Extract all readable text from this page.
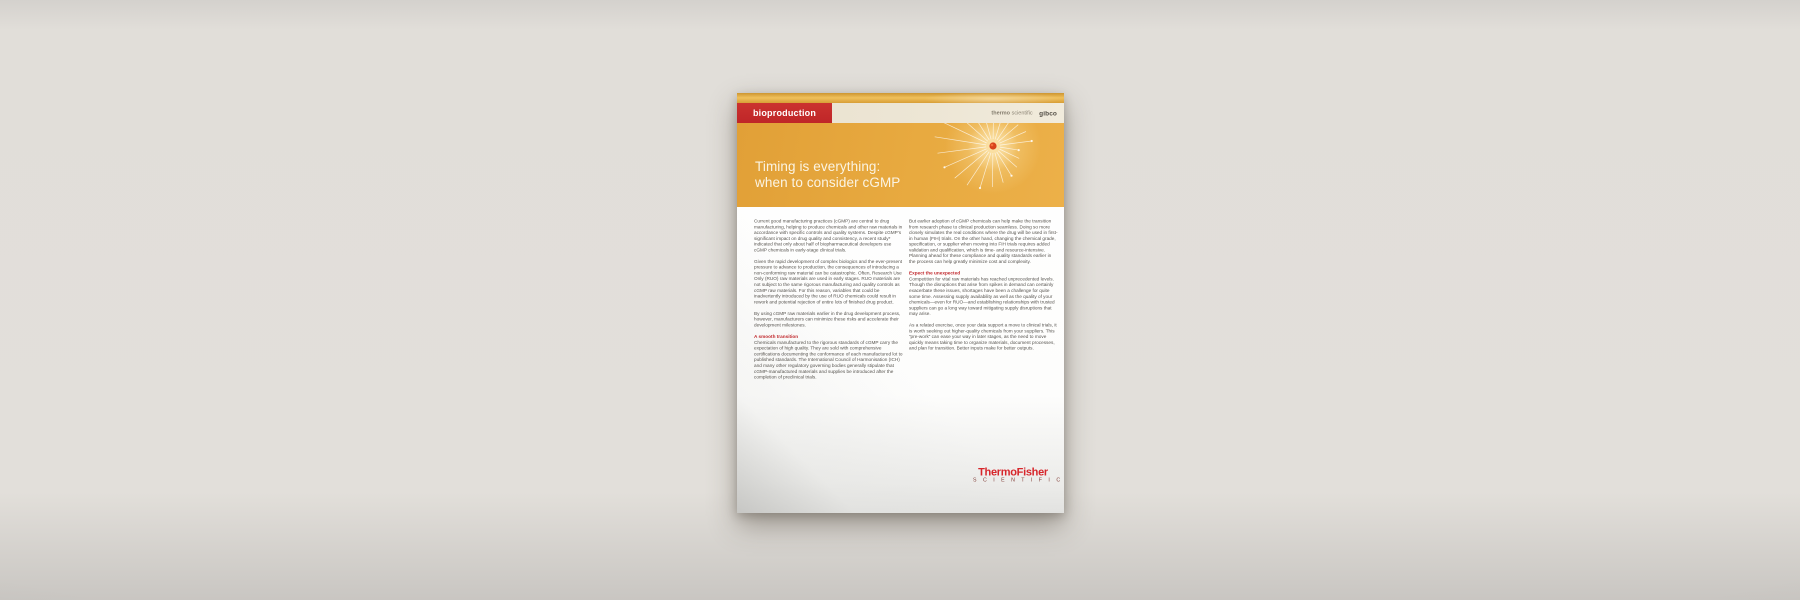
bioproduction	thermo scientific gibco
Timing is everything:
when to consider cGMP

Current good manufacturing practices (cGMP) are central to drug manufacturing, helping to produce chemicals and other raw materials in accordance with specific controls and quality systems. Despite cGMP’s significant impact on drug quality and consistency, a recent study* indicated that only about half of biopharmaceutical developers use cGMP chemicals in early-stage clinical trials.

Given the rapid development of complex biologics and the ever-present pressure to advance to production, the consequences of introducing a non-conforming raw material can be catastrophic. Often, Research Use Only (RUO) raw materials are used in early stages. RUO materials are not subject to the same rigorous manufacturing and quality controls as cGMP raw materials. For this reason, variables that could be inadvertently introduced by the use of RUO chemicals could result in rework and potential rejection of entire lots of finished drug product.

By using cGMP raw materials earlier in the drug development process, however, manufacturers can minimize these risks and accelerate their development milestones.

A smooth transition

Chemicals manufactured to the rigorous standards of cGMP carry the expectation of high quality. They are sold with comprehensive certifications documenting the conformance of each manufactured lot to published standards. The International Council of Harmonisation (ICH) and many other regulatory governing bodies generally stipulate that cGMP-manufactured materials and supplies be introduced after the completion of preclinical trials.

But earlier adoption of cGMP chemicals can help make the transition from research phase to clinical production seamless. Doing so more closely simulates the real conditions where the drug will be used in first-in human (FIH) trials. On the other hand, changing the chemical grade, specification, or supplier when moving into FIH trials requires added validation and qualification, which is time- and resource-intensive. Planning ahead for these compliance and quality standards earlier in the process can help greatly minimize cost and complexity.

Expect the unexpected

Competition for vital raw materials has reached unprecedented levels. Though the disruptions that arise from spikes in demand can certainly exacerbate these issues, shortages have been a challenge for quite some time. Assessing supply availability as well as the quality of your chemicals—even for RUO—and establishing relationships with trusted suppliers can go a long way toward mitigating supply disruptions that may arise.

As a related exercise, once your data support a move to clinical trials, it is worth seeking out higher-quality chemicals from your suppliers. This “pre-work” can ease your way in later stages, as the need to move quickly means taking time to organize materials, document processes, and plan for transition. Better inputs make for better outputs.

ThermoFisher
S C I E N T I F I C
